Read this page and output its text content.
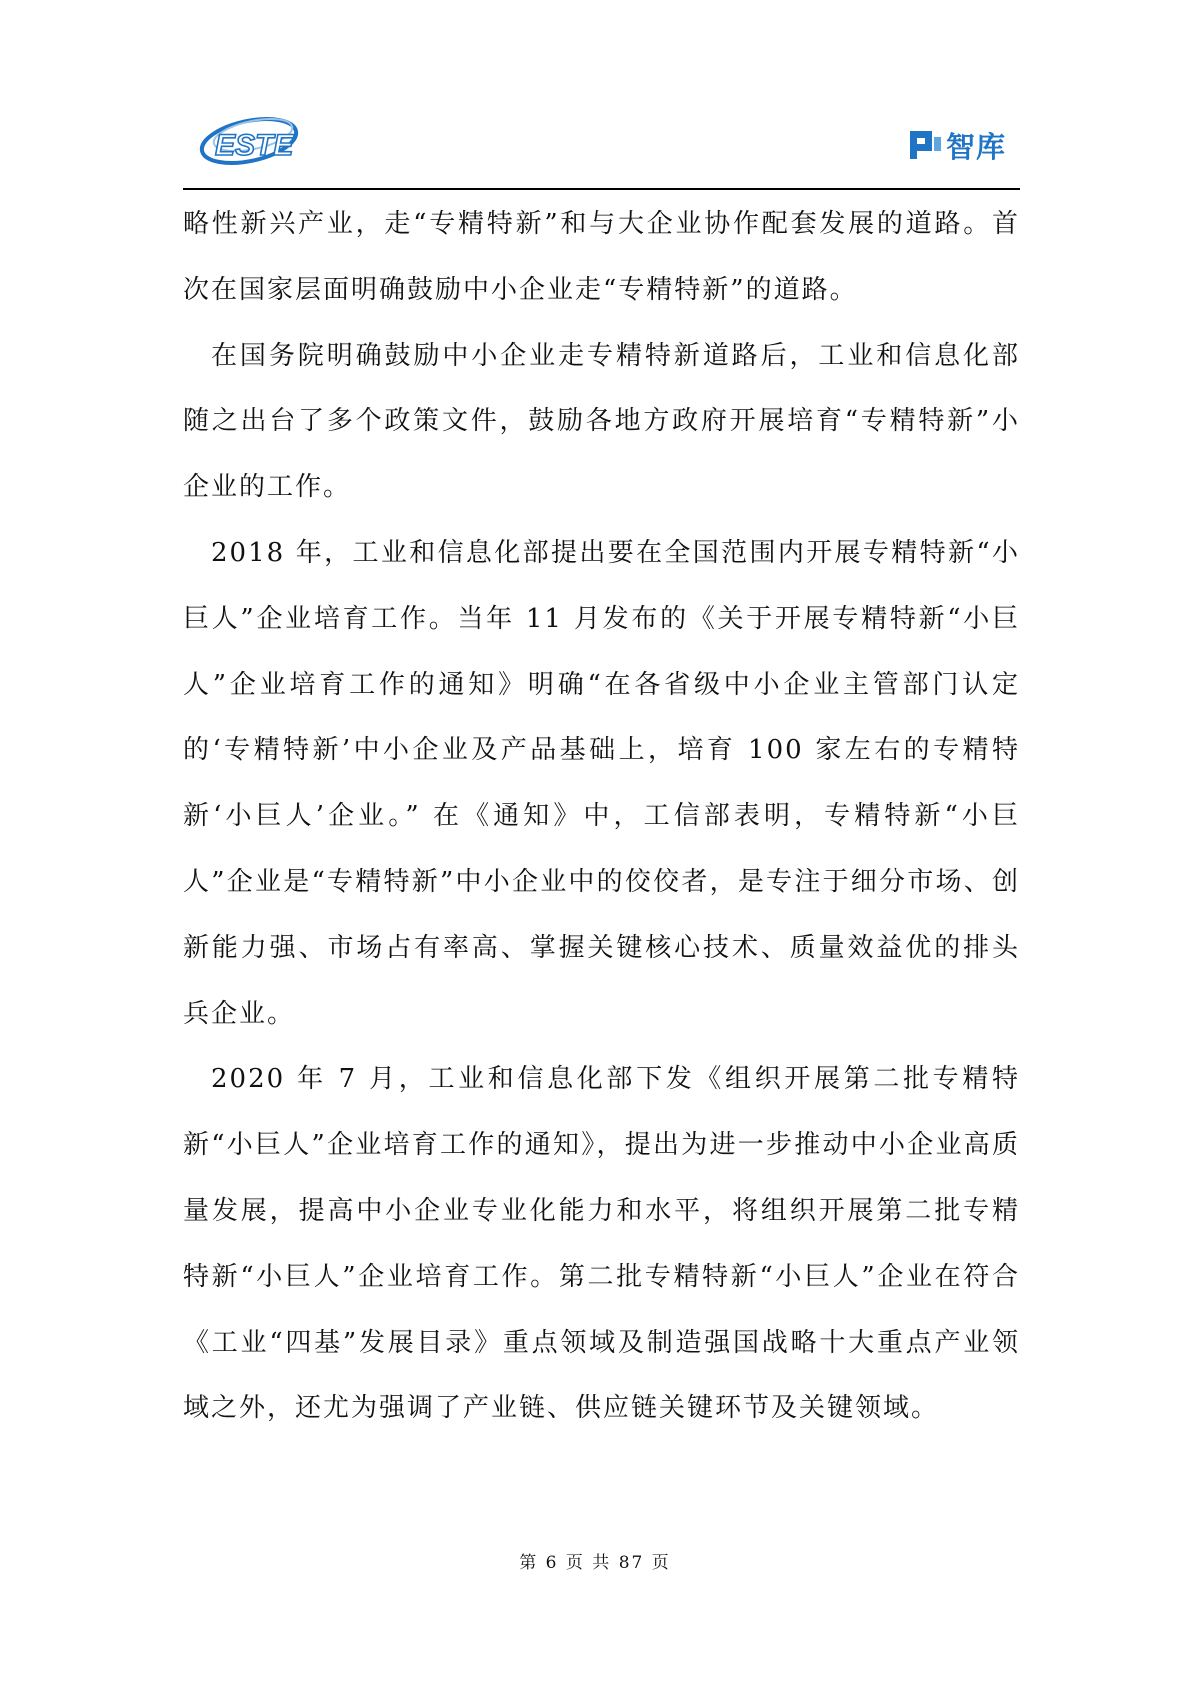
ESTE	智库

略性新兴产业，走“专精特新”和与大企业协作配套发展的道路。首次在国家层面明确鼓励中小企业走“专精特新”的道路。

在国务院明确鼓励中小企业走专精特新道路后，工业和信息化部随之出台了多个政策文件，鼓励各地方政府开展培育“专精特新”小企业的工作。

2018 年，工业和信息化部提出要在全国范围内开展专精特新“小巨人”企业培育工作。当年 11 月发布的《关于开展专精特新“小巨人”企业培育工作的通知》明确“在各省级中小企业主管部门认定的‘专精特新’中小企业及产品基础上，培育 100 家左右的专精特新‘小巨人’企业。” 在《通知》中，工信部表明，专精特新“小巨人”企业是“专精特新”中小企业中的佼佼者，是专注于细分市场、创新能力强、市场占有率高、掌握关键核心技术、质量效益优的排头兵企业。

2020 年 7 月，工业和信息化部下发《组织开展第二批专精特新“小巨人”企业培育工作的通知》，提出为进一步推动中小企业高质量发展，提高中小企业专业化能力和水平，将组织开展第二批专精特新“小巨人”企业培育工作。第二批专精特新“小巨人”企业在符合《工业“四基”发展目录》重点领域及制造强国战略十大重点产业领域之外，还尤为强调了产业链、供应链关键环节及关键领域。

第 6 页 共 87 页
